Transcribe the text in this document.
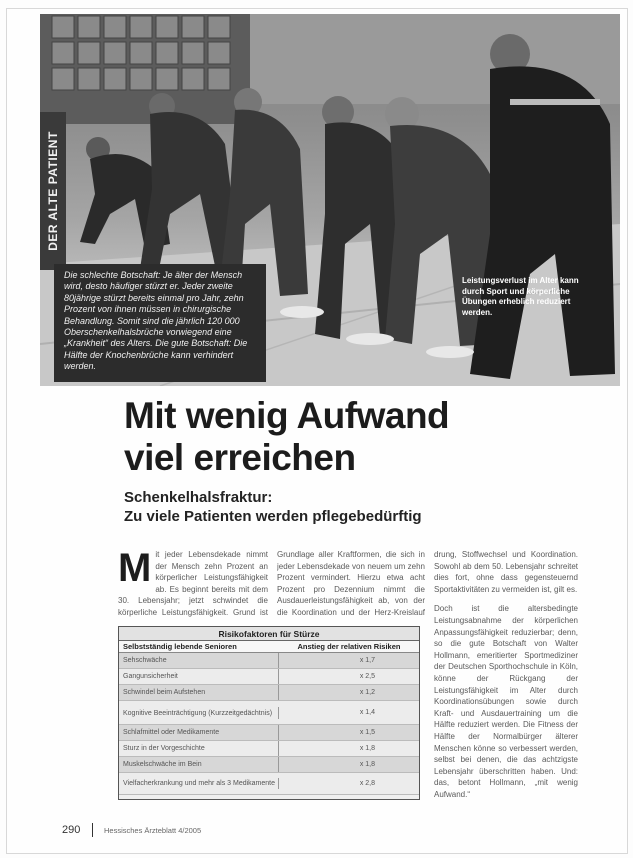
DER ALTE PATIENT

Die schlechte Botschaft: Je älter der Mensch wird, desto häufiger stürzt er. Jeder zweite 80jährige stürzt bereits einmal pro Jahr, zehn Prozent von ihnen müssen in chirurgische Behandlung. Somit sind die jährlich 120 000 Oberschenkelhalsbrüche vorwiegend eine „Krankheit“ des Alters. Die gute Botschaft: Die Hälfte der Knochenbrüche kann verhindert werden.

Leistungsverlust im Alter kann durch Sport und körperliche Übungen erheblich reduziert werden.
Mit wenig Aufwand
viel erreichen
Schenkelhalsfraktur:
Zu viele Patienten werden pflegebedürftig
Mit jeder Lebensdekade nimmt der Mensch zehn Prozent an körperlicher Leistungsfähigkeit ab. Es beginnt bereits mit dem 30. Lebensjahr; jetzt schwindet die körperliche Leistungsfähigkeit. Grund ist
Grundlage aller Kraftformen, die sich in jeder Lebensdekade von neuem um zehn Prozent vermindert. Hierzu etwa acht Prozent pro Dezennium nimmt die Ausdauerleistungsfähigkeit ab, von der die Koordination und der Herz-Kreislauf

drung, Stoffwechsel und Koordination. Sowohl ab dem 50. Lebensjahr schreitet dies fort, ohne dass gegensteuernd Sportaktivitäten zu vermeiden ist, gilt es.

Doch ist die altersbedingte Leistungsabnahme der körperlichen Anpassungsfähigkeit reduzierbar; denn, so die gute Botschaft von Walter Hollmann, emeritierter Sportmediziner der Deutschen Sporthochschule in Köln, könne der Rückgang der Leistungsfähigkeit im Alter durch Koordinationsübungen sowie durch Kraft- und Ausdauertraining um die Hälfte reduziert werden. Die Fitness der Hälfte der Normalbürger älterer Menschen könne so verbessert werden, selbst bei denen, die das achtzigste Lebensjahr überschritten haben. Und: das, betont Hollmann, „mit wenig Aufwand.“

Risikofaktoren für Stürze
Selbstständig lebende Senioren	Anstieg der relativen Risiken
Sehschwäche	x 1,7
Gangunsicherheit	x 2,5
Schwindel beim Aufstehen	x 1,2
Kognitive Beeinträchtigung (Kurzzeitgedächtnis)	x 1,4
Schlafmittel oder Medikamente	x 1,5
Sturz in der Vorgeschichte	x 1,8
Muskelschwäche im Bein	x 1,8
Vielfacherkrankung und mehr als 3 Medikamente	x 2,8
290	Hessisches Ärzteblatt 4/2005
